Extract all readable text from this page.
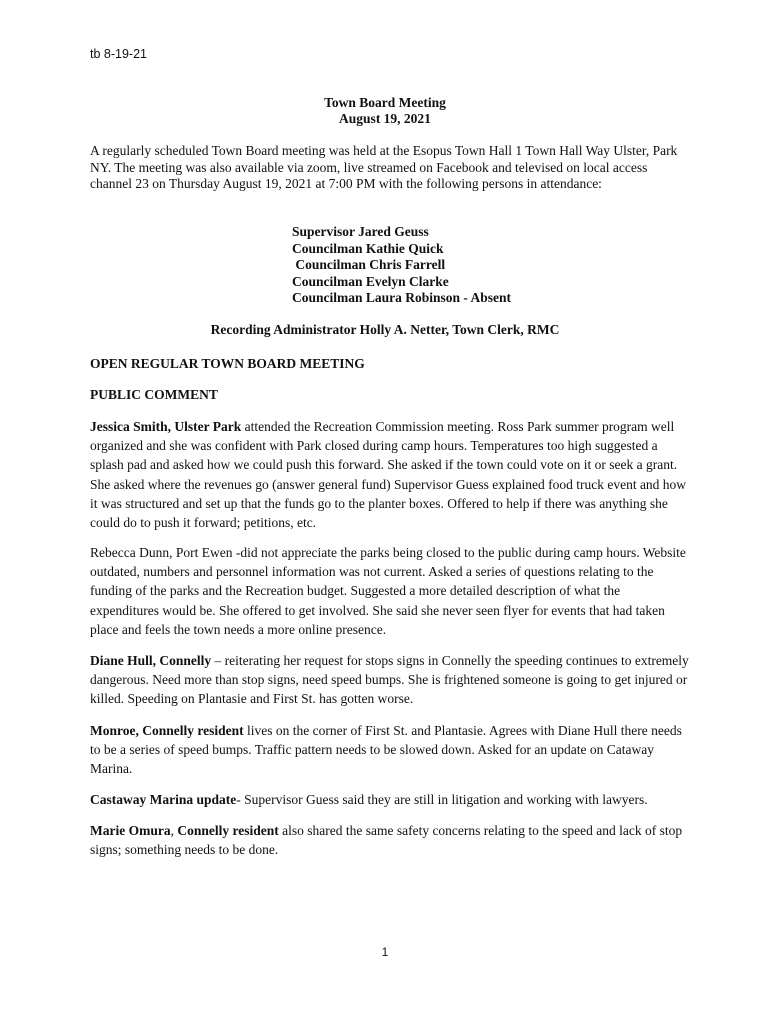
tb 8-19-21
Town Board Meeting
August 19, 2021
A regularly scheduled Town Board meeting was held at the Esopus Town Hall 1 Town Hall Way Ulster, Park NY. The meeting was also available via zoom, live streamed on Facebook and televised on local access channel 23 on Thursday August 19, 2021 at 7:00 PM with the following persons in attendance:
Supervisor Jared Geuss
Councilman Kathie Quick
Councilman Chris Farrell
Councilman Evelyn Clarke
Councilman Laura Robinson - Absent
Recording Administrator Holly A. Netter, Town Clerk, RMC
OPEN REGULAR TOWN BOARD MEETING
PUBLIC COMMENT
Jessica Smith, Ulster Park attended the Recreation Commission meeting. Ross Park summer program well organized and she was confident with Park closed during camp hours. Temperatures too high suggested a splash pad and asked how we could push this forward. She asked if the town could vote on it or seek a grant. She asked where the revenues go (answer general fund) Supervisor Guess explained food truck event and how it was structured and set up that the funds go to the planter boxes. Offered to help if there was anything she could do to push it forward; petitions, etc.
Rebecca Dunn, Port Ewen -did not appreciate the parks being closed to the public during camp hours. Website outdated, numbers and personnel information was not current. Asked a series of questions relating to the funding of the parks and the Recreation budget. Suggested a more detailed description of what the expenditures would be. She offered to get involved. She said she never seen flyer for events that had taken place and feels the town needs a more online presence.
Diane Hull, Connelly – reiterating her request for stops signs in Connelly the speeding continues to extremely dangerous. Need more than stop signs, need speed bumps. She is frightened someone is going to get injured or killed. Speeding on Plantasie and First St. has gotten worse.
Monroe, Connelly resident lives on the corner of First St. and Plantasie. Agrees with Diane Hull there needs to be a series of speed bumps. Traffic pattern needs to be slowed down. Asked for an update on Cataway Marina.
Castaway Marina update- Supervisor Guess said they are still in litigation and working with lawyers.
Marie Omura, Connelly resident also shared the same safety concerns relating to the speed and lack of stop signs; something needs to be done.
1
